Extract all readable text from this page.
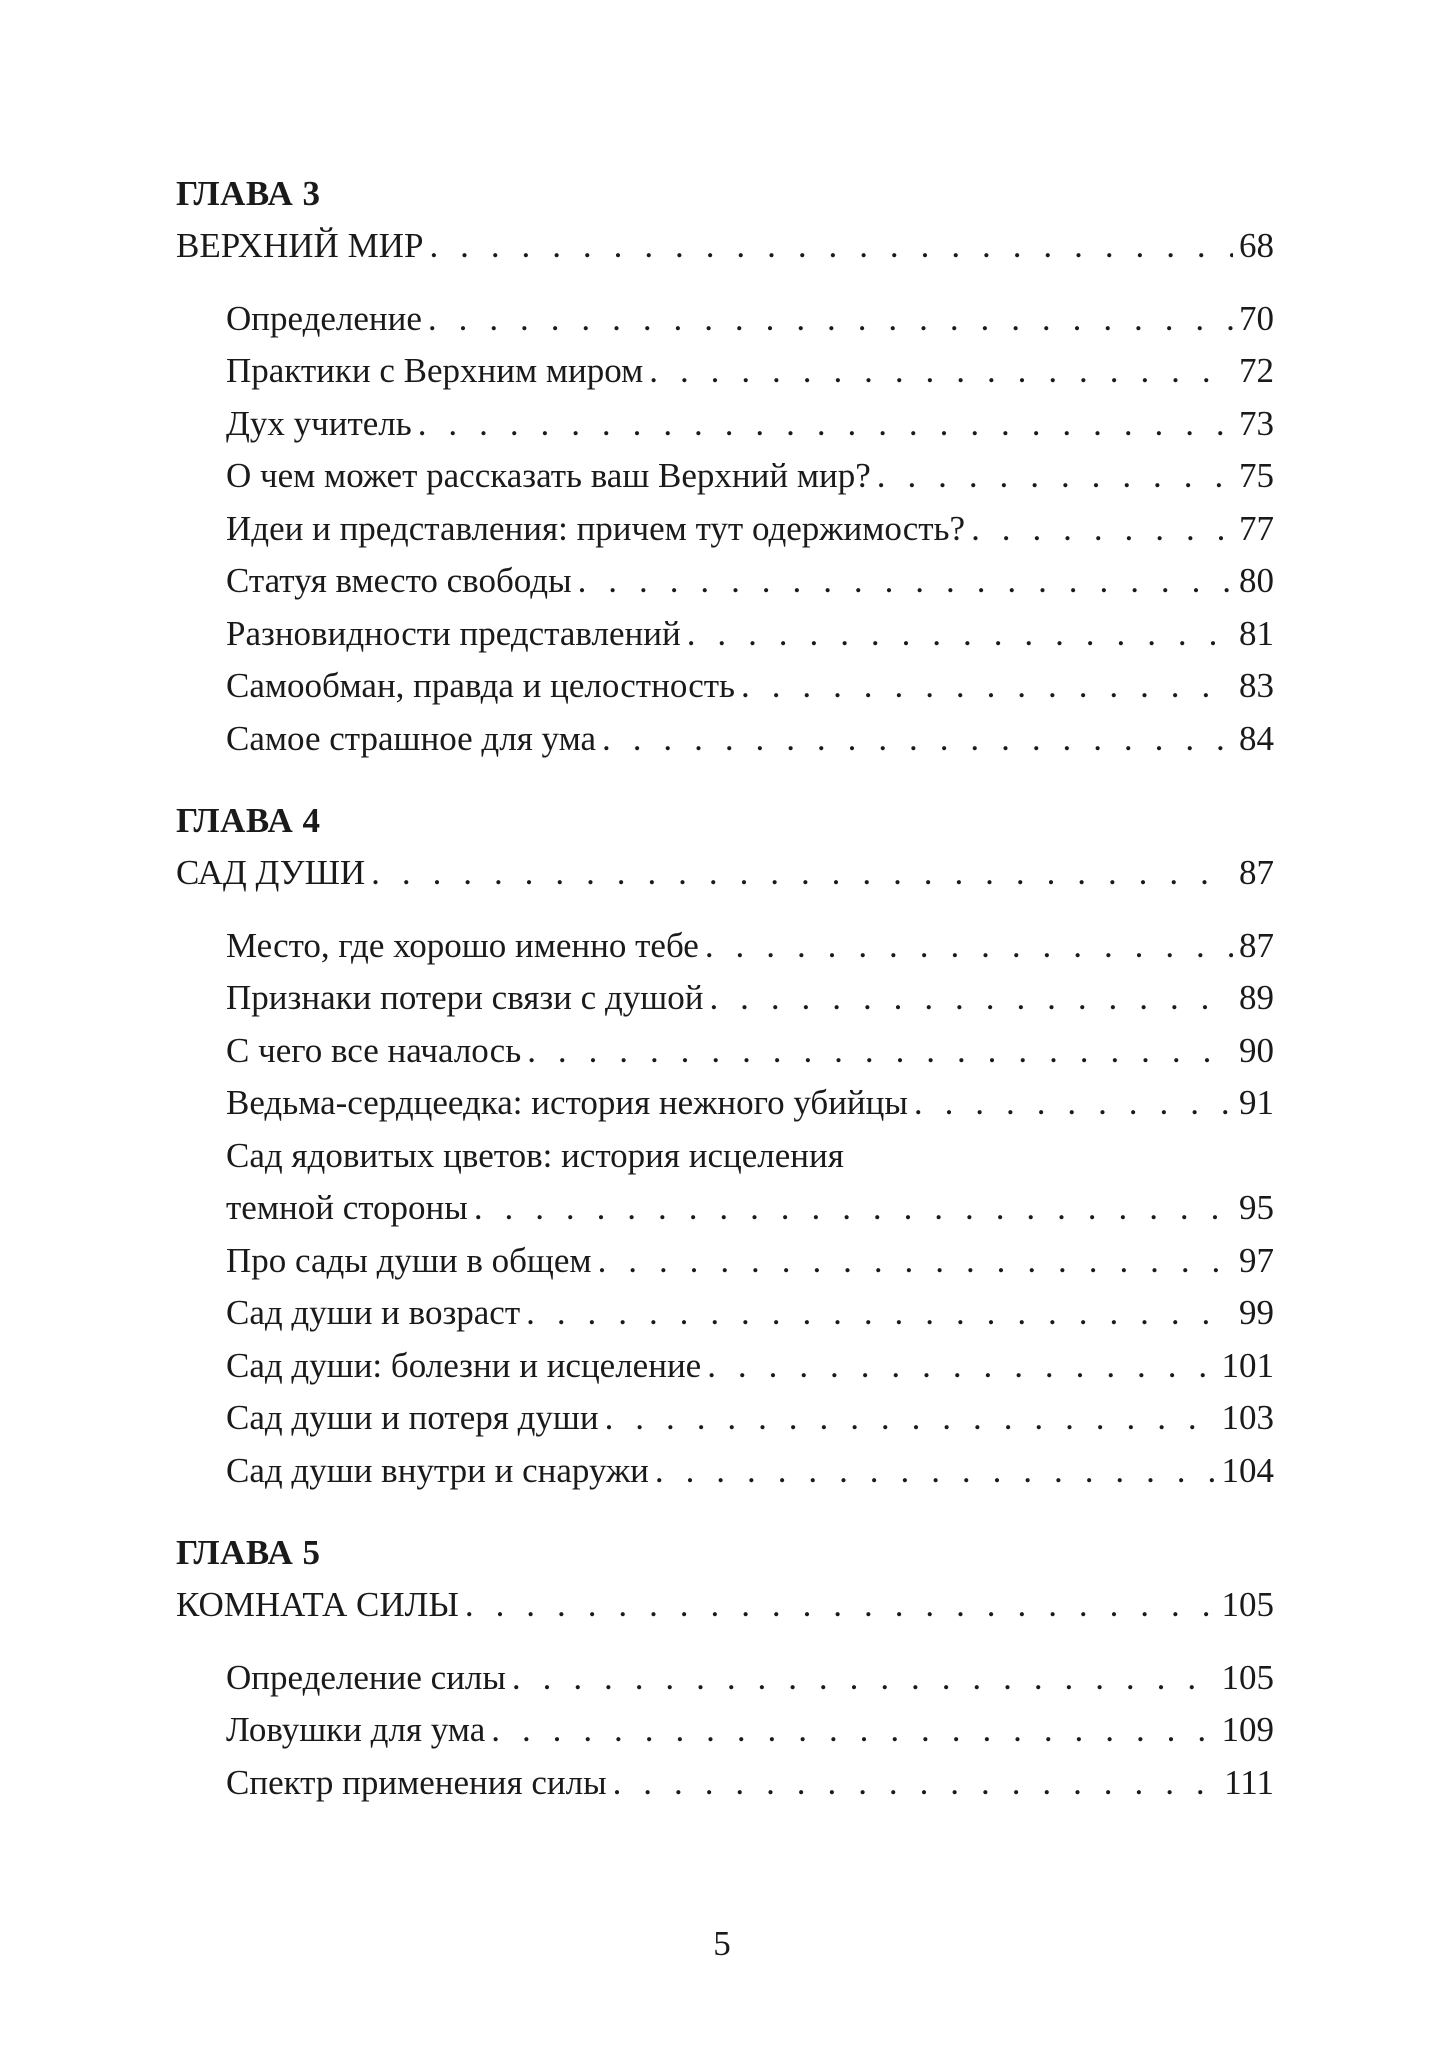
ГЛАВА 3
ВЕРХНИЙ МИР . . .	68
Определение . . .	70
Практики с Верхним миром . . .	72
Дух учитель . . .	73
О чем может рассказать ваш Верхний мир? . . .	75
Идеи и представления: причем тут одержимость? . . .	77
Статуя вместо свободы . . .	80
Разновидности представлений . . .	81
Самообман, правда и целостность . . .	83
Самое страшное для ума . . .	84
ГЛАВА 4
САД ДУШИ . . .	87
Место, где хорошо именно тебе . . .	87
Признаки потери связи с душой . . .	89
С чего все началось . . .	90
Ведьма-сердцеедка: история нежного убийцы . . .	91
Сад ядовитых цветов: история исцеления
темной стороны . . .	95
Про сады души в общем . . .	97
Сад души и возраст . . .	99
Сад души: болезни и исцеление . . .	101
Сад души и потеря души . . .	103
Сад души внутри и снаружи . . .	104
ГЛАВА 5
КОМНАТА СИЛЫ . . .	105
Определение силы . . .	105
Ловушки для ума . . .	109
Спектр применения силы . . .	111
5
